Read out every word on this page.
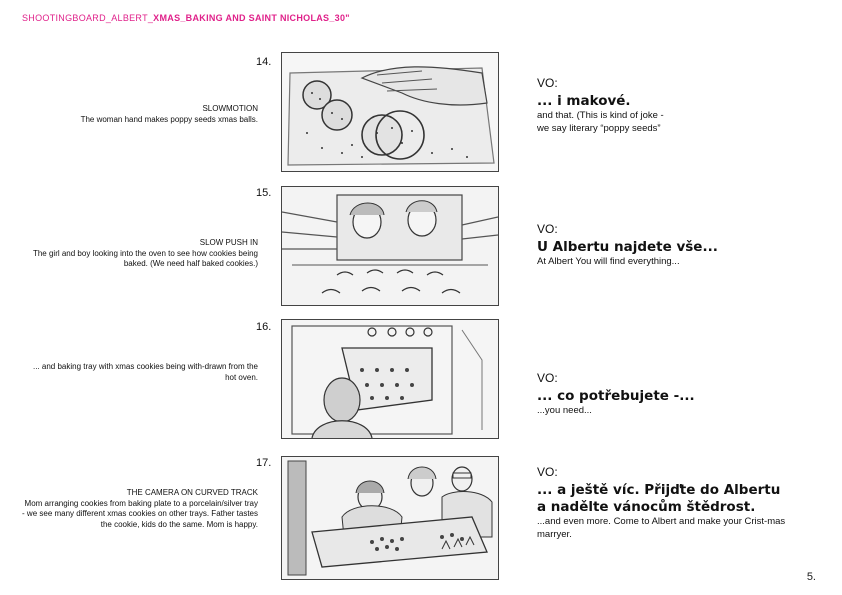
SHOOTINGBOARD_ALBERT_XMAS_BAKING AND SAINT NICHOLAS_30"
14.
SLOWMOTION
The woman hand makes poppy seeds xmas balls.
VO:
... i makové.
and that. (This is kind of joke - we say literary “poppy seeds”
15.
SLOW PUSH IN
The girl and boy looking into the oven to see how cookies being baked. (We need half baked cookies.)
VO:
U Albertu najdete vše...
At Albert You will find everything...
16.
... and baking tray with xmas cookies being with-drawn from the hot oven.	VO:
... co potřebujete -...
...you need...
17.
THE CAMERA ON CURVED TRACK
Mom arranging cookies from baking plate to a porcelain/silver tray - we see many different xmas cookies on other trays. Father tastes the cookie, kids do the same. Mom is happy.
VO:
... a ještě víc. Přijďte do Albertu a nadělte vánocům štědrost.
...and even more. Come to Albert and make your Crist-mas marryer.
5.
